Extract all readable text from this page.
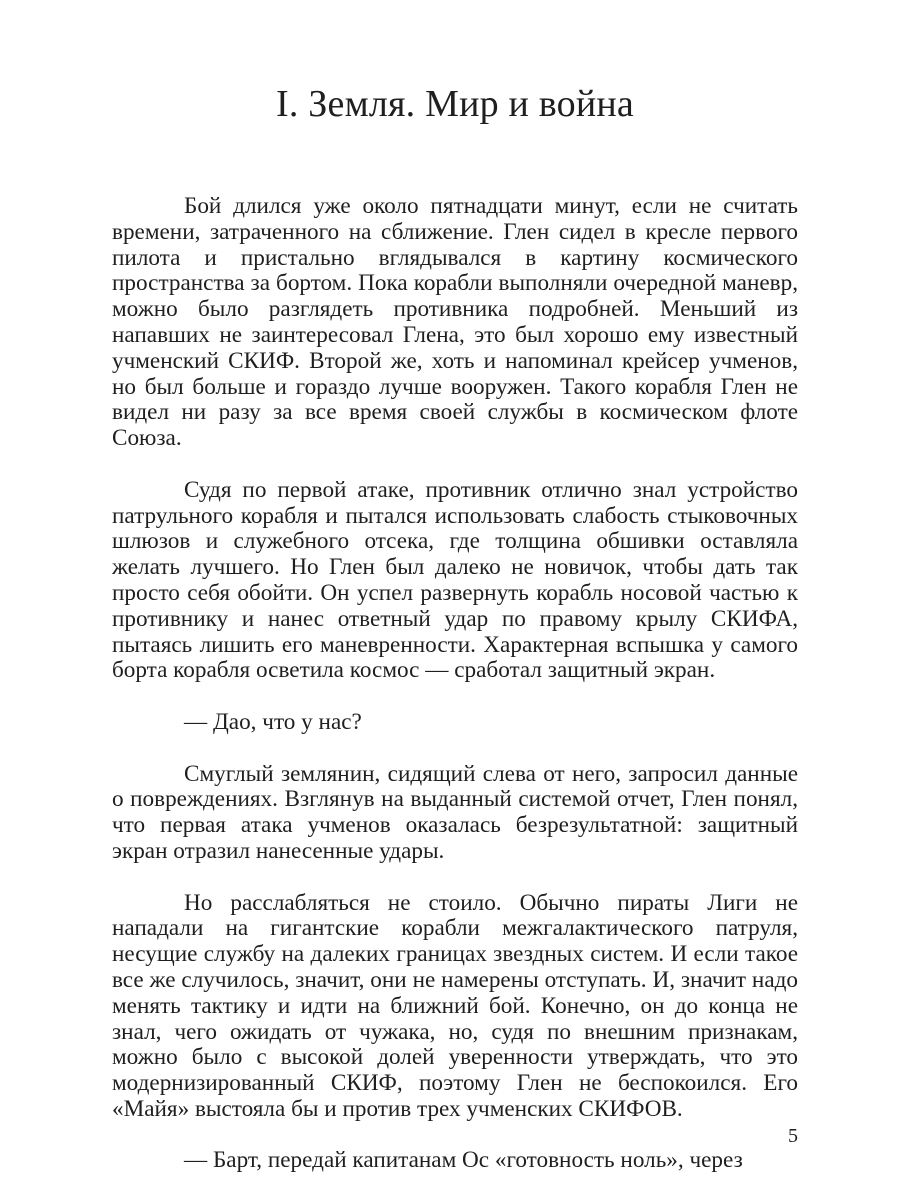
I. Земля. Мир и война

Бой длился уже около пятнадцати минут, если не считать времени, затраченного на сближение. Глен сидел в кресле первого пилота и пристально вглядывался в картину космического пространства за бортом. Пока корабли выполняли очередной маневр, можно было разглядеть противника подробней. Меньший из напавших не заинтересовал Глена, это был хорошо ему известный учменский СКИФ. Второй же, хоть и напоминал крейсер учменов, но был больше и гораздо лучше вооружен. Такого корабля Глен не видел ни разу за все время своей службы в космическом флоте Союза.

Судя по первой атаке, противник отлично знал устройство патрульного корабля и пытался использовать слабость стыковочных шлюзов и служебного отсека, где толщина обшивки оставляла желать лучшего. Но Глен был далеко не новичок, чтобы дать так просто себя обойти. Он успел развернуть корабль носовой частью к противнику и нанес ответный удар по правому крылу СКИФА, пытаясь лишить его маневренности. Характерная вспышка у самого борта корабля осветила космос — сработал защитный экран.

— Дао, что у нас?

Смуглый землянин, сидящий слева от него, запросил данные о повреждениях. Взглянув на выданный системой отчет, Глен понял, что первая атака учменов оказалась безрезультатной: защитный экран отразил нанесенные удары.

Но расслабляться не стоило. Обычно пираты Лиги не нападали на гигантские корабли межгалактического патруля, несущие службу на далеких границах звездных систем. И если такое все же случилось, значит, они не намерены отступать. И, значит надо менять тактику и идти на ближний бой. Конечно, он до конца не знал, чего ожидать от чужака, но, судя по внешним признакам, можно было с высокой долей уверенности утверждать, что это модернизированный СКИФ, поэтому Глен не беспокоился. Его «Майя» выстояла бы и против трех учменских СКИФОВ.

— Барт, передай капитанам Ос «готовность ноль», через

5
